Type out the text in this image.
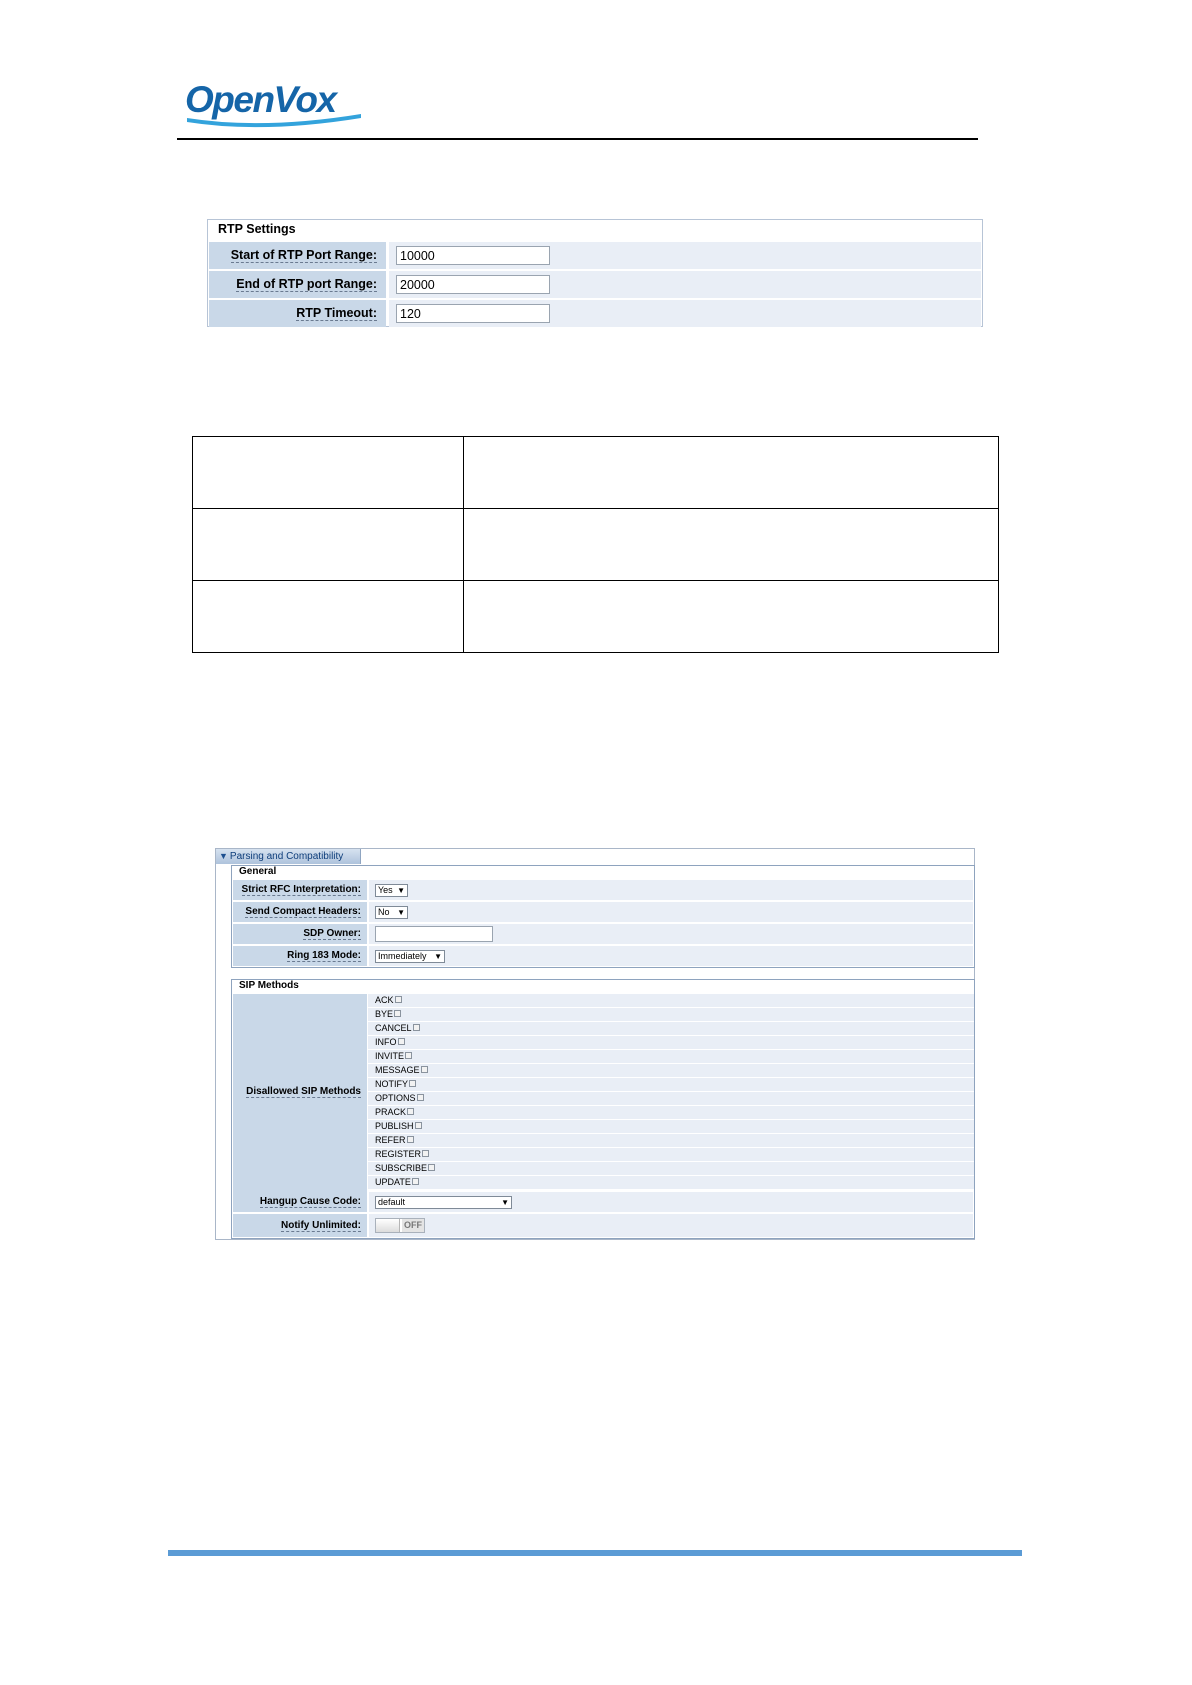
OpenVox
RTP Settings
Start of RTP Port Range:
10000
End of RTP port Range:
20000
RTP Timeout:
120

▼ Parsing and Compatibility
General
Strict RFC Interpretation:	Yes ▼
Send Compact Headers:	No ▼
SDP Owner:
Ring 183 Mode:	Immediately ▼
SIP Methods
Disallowed SIP Methods
ACK
BYE
CANCEL
INFO
INVITE
MESSAGE
NOTIFY
OPTIONS
PRACK
PUBLISH
REFER
REGISTER
SUBSCRIBE
UPDATE
Hangup Cause Code:	default	▼
Notify Unlimited:	OFF
